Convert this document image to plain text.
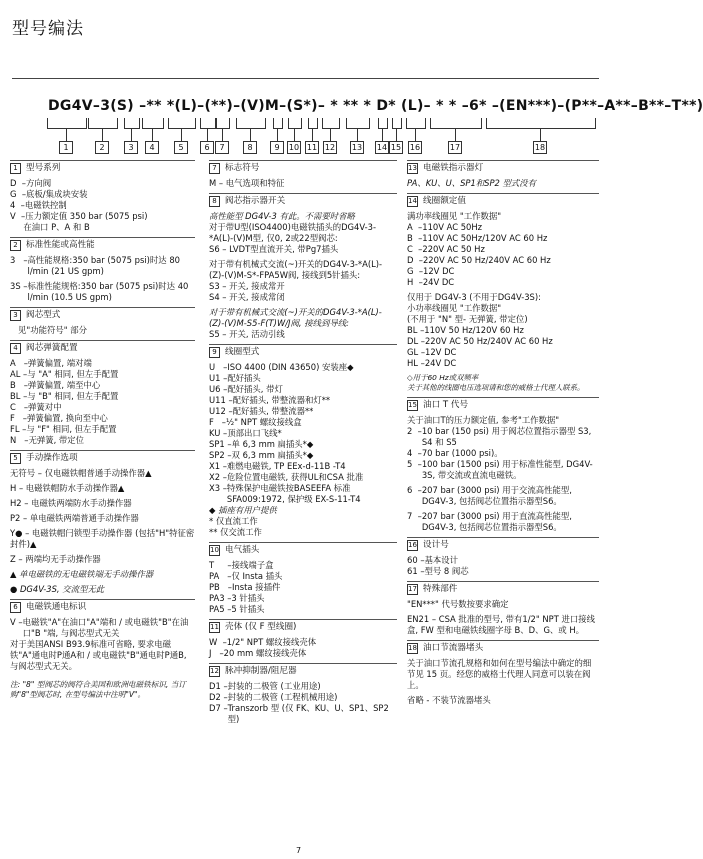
型号编法
DG4V–3(S) –** *(L)–(**)–(V)M–(S*)– * ** * D* (L)– * * –6* –(EN***)–(P**–A**–B**–T**)
1	2	3	4	5	6	7	8	9	10 11 12 13 14 15 16	17	18
1 型号系列
D  – 方向阀
G  – 底板/集成块安装
4  – 电磁铁控制
V  – 压力额定值 350 bar (5075 psi)

在油口 P、A 和 B
2 标准性能或高性能
3   – 高性能规格:350 bar (5075 psi)时达 80 l/min (21 US gpm)
3S – 标准性能规格:350 bar (5075 psi)时达 40 l/min (10.5 US gpm)
3 阀芯型式

见"功能符号" 部分

4 阀芯弹簧配置
A   – 弹簧偏置, 端对端
AL – 与 "A" 相同, 但左手配置
B   – 弹簧偏置, 端至中心
BL – 与 "B" 相同, 但左手配置
C   – 弹簧对中
F   – 弹簧偏置, 换向至中心
FL – 与 "F" 相同, 但左手配置
N   – 无弹簧, 带定位
5 手动操作选项

无符号 – 仅电磁铁帽普通手动操作器▲

H – 电磁铁帽防水手动操作器▲

H2 – 电磁铁两端防水手动操作器

P2 – 单电磁铁两端普通手动操作器

Y● – 电磁铁帽闩锁型手动操作器 (包括"H"特征密封件)▲

Z – 两端均无手动操作器

▲ 单电磁铁的无电磁铁端无手动操作器

● DG4V-3S, 交流型无此

6 电磁铁通电标识
V – 电磁铁"A"在油口"A"端和 / 或电磁铁"B"在油口"B "端, 与阀芯型式无关

对于美国ANSI B93.9标准可省略, 要求电磁铁"A"通电时P通A和 / 或电磁铁"B"通电时P通B, 与阀芯型式无关。

注: "8" 型阀芯的阀符合美国和欧洲电磁铁标识, 当订购"8"型阀芯时, 在型号编法中注明"V"。

7 标志符号

M – 电气选项和特征

8 阀芯指示器开关

高性能型 DG4V-3 有此。不需要时省略

对于带U型(ISO4400)电磁铁插头的DG4V-3-*A(L)-(V)M型, 仅0, 2或22型阀芯:

S6 – LVDT型直流开关, 带Pg7插头

对于带有机械式交流(~)开关的DG4V-3-*A(L)-(Z)-(V)M-S*-FPA5W阀, 接线到5针插头:

S3 – 开关, 接成常开

S4 – 开关, 接成常闭

对于带有机械式交流(~)开关的DG4V-3-*A(L)-(Z)-(V)M-S5-F(T)W/J阀, 接线到导线:

S5 – 开关, 活动引线

9 线圈型式
U   – ISO 4400 (DIN 43650) 安装座◆
U1 – 配好插头
U6 – 配好插头, 带灯
U11 – 配好插头, 带整流器和灯**
U12 – 配好插头, 带整流器**
F   – ½" NPT 螺纹接线盒
KU – 顶部出口飞线*
SP1 – 单 6,3 mm 扁插头*◆
SP2 – 双 6,3 mm 扁插头*◆
X1 – 难燃电磁铁, TP EEx-d-11B -T4
X2 – 危险位置电磁铁, 获得UL和CSA 批准
X3 – 特殊保护电磁铁按BASEEFA 标准 SFA009:1972, 保护级 EX-S-11-T4

◆ 插座有用户提供

* 仅直流工作

** 仅交流工作

10 电气插头
T     – 接线端子盒
PA   – 仅 Insta 插头
PB   – Insta 接插件
PA3 – 3 针插头
PA5 – 5 针插头
11 壳体 (仅 F 型线圈)
W  – 1/2" NPT 螺纹接线壳体
J   – 20 mm 螺纹接线壳体
12 脉冲抑制器/阻尼器
D1 – 封装的二极管 (工业用途)
D2 – 封装的二极管 (工程机械用途)
D7 – Transzorb 型 (仅 FK、KU、U、SP1、SP2型)
13 电磁铁指示器灯

PA、KU、U、SP1和SP2 型式没有

14 线圈额定值

满功率线圈见 "工作数据"

A  – 110V AC 50Hz
B  – 110V AC 50Hz/120V AC 60 Hz
C  – 220V AC 50 Hz
D  – 220V AC 50 Hz/240V AC 60 Hz
G  – 12V DC
H  – 24V DC

仅用于 DG4V-3 (不用于DG4V-3S):

小功率线圈见 "工作数据"

(不用于 "N" 型- 无弹簧, 带定位)

BL – 110V 50 Hz/120V 60 Hz
DL – 220V AC 50 Hz/240V AC 60 Hz
GL – 12V DC
HL – 24V DC

◇用于60 Hz或双频率

关于其他的线圈电压选项请和您的威格士代理人联系。

15 油口 T 代号

关于油口T的压力额定值, 参考"工作数据"

2  – 10 bar (150 psi) 用于阀芯位置指示器型 S3, S4 和 S5
4  – 70 bar (1000 psi)。
5  – 100 bar (1500 psi) 用于标准性能型, DG4V-3S, 带交流或直流电磁铁。
6  – 207 bar (3000 psi) 用于交流高性能型, DG4V-3, 包括阀芯位置指示器型S6。
7  – 207 bar (3000 psi) 用于直流高性能型, DG4V-3, 包括阀芯位置指示器型S6。
16 设计号
60 – 基本设计
61 – 型号 8 阀芯
17 特殊部件

"EN***" 代号数按要求确定

EN21 – CSA 批准的型号, 带有1/2" NPT 进口接线盒, FW 型和电磁铁线圈字母 B、D、G、或 H。

18 油口节流器堵头

关于油口节流孔规格和如何在型号编法中确定的细节见 15 页。经您的威格士代理人同意可以装在阀上。

省略 - 不装节流器堵头

7
